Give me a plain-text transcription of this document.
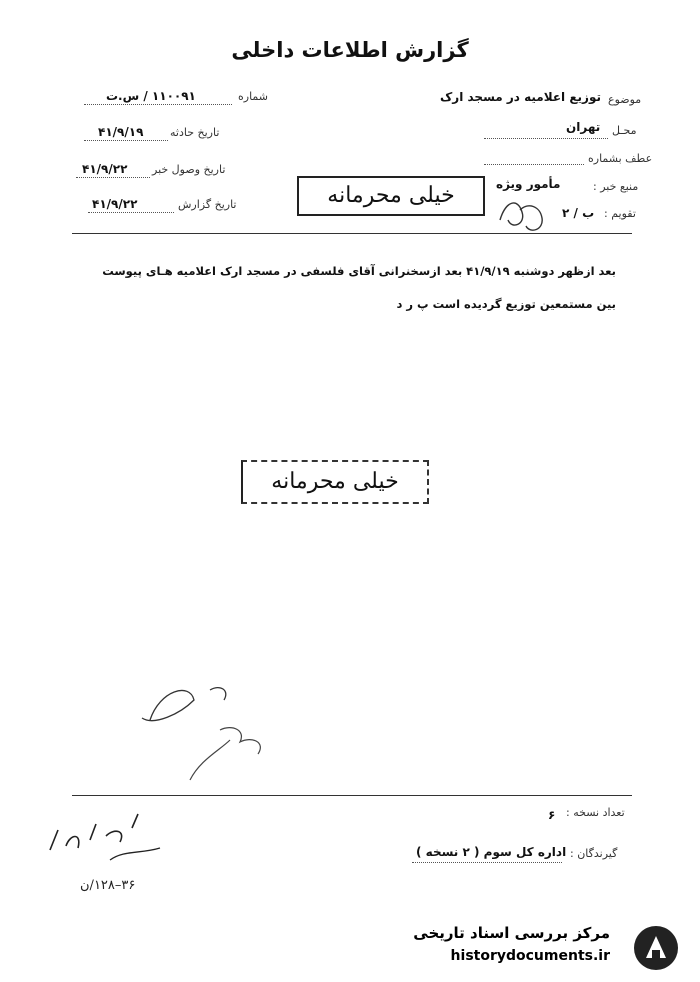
گزارش اطلاعات داخلی
شماره
۱۱۰۰۹۱ / س.ت
تاریخ حادثه
۴۱/۹/۱۹
تاریخ وصول خبر
۴۱/۹/۲۲
تاریخ گزارش
۴۱/۹/۲۲
موضوع
توزیع اعلامیه در مسجد ارک
محـل
تهران
عطف بشماره
منبع خبر :
مأمور ویژه
تقویم :
ب / ۲
خیلی محرمانه
بعد ازظهر دوشنبه ۴۱/۹/۱۹ بعد ازسخنرانی آقای فلسفی در مسجد ارک اعلامیه هـای پیوست
بین مستمعین توزیع گردیده است پ ر د
خیلی محرمانه
تعداد نسخه :
۶
گیرندگان :
اداره کل سوم ( ۲ نسخه )
۳۶–۱۲۸/ن
مرکز بررسی اسناد تاریخی
historydocuments.ir
